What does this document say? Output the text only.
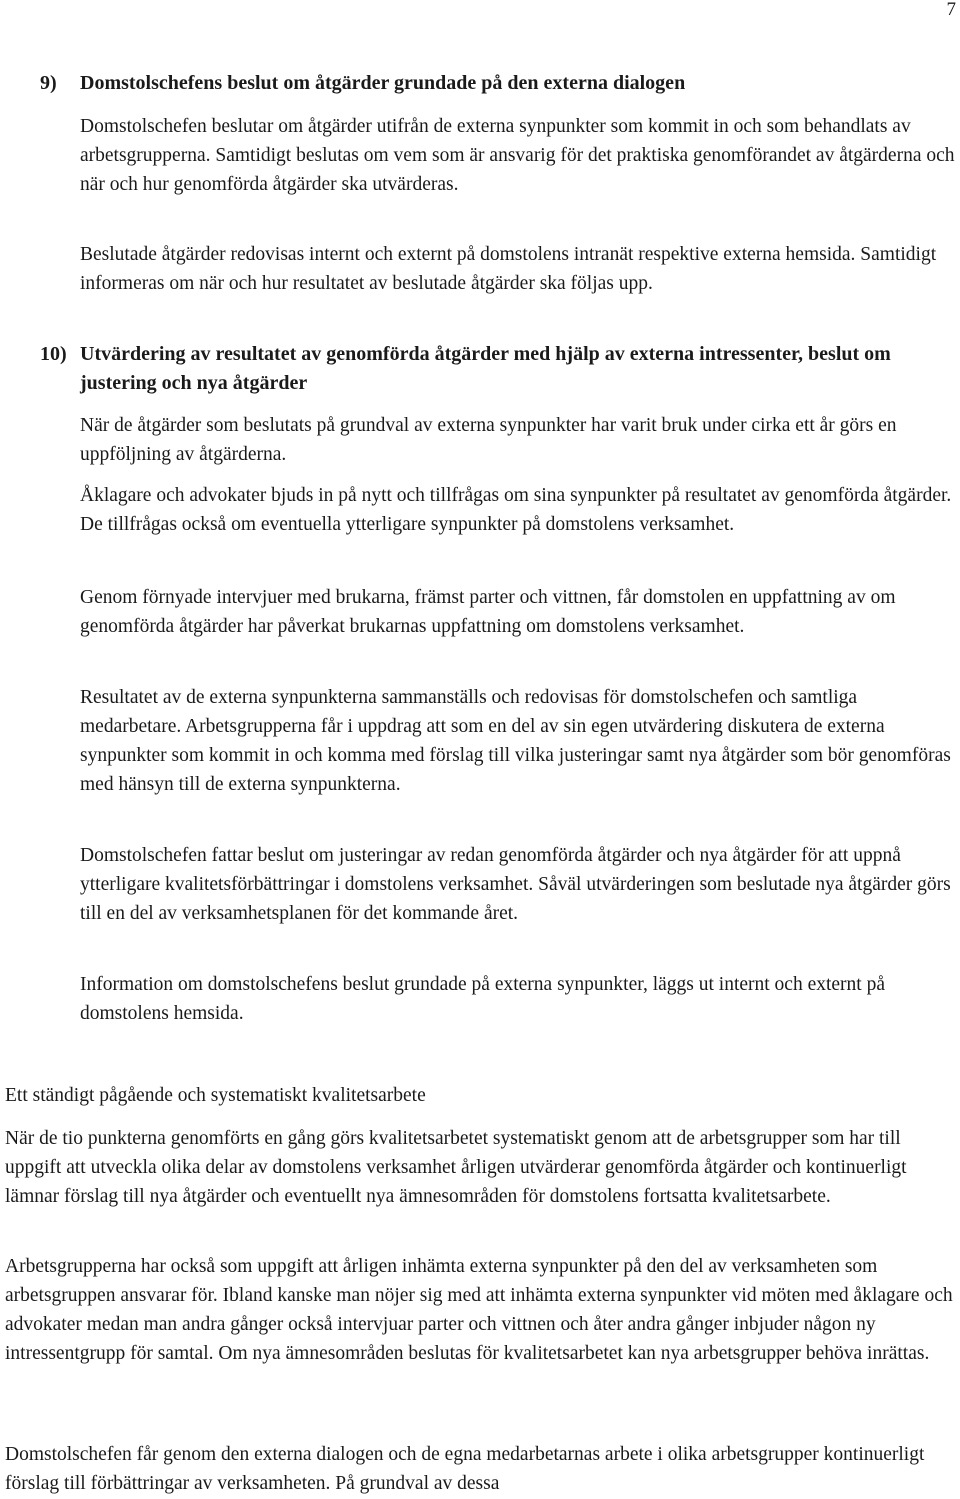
7
9) Domstolschefens beslut om åtgärder grundade på den externa dialogen

Domstolschefen beslutar om åtgärder utifrån de externa synpunkter som kommit in och som behandlats av arbetsgrupperna. Samtidigt beslutas om vem som är ansvarig för det praktiska genomförandet av åtgärderna och när och hur genomförda åtgärder ska utvärderas.

Beslutade åtgärder redovisas internt och externt på domstolens intranät respektive externa hemsida. Samtidigt informeras om när och hur resultatet av beslutade åtgärder ska följas upp.

10) Utvärdering av resultatet av genomförda åtgärder med hjälp av externa intressenter, beslut om justering och nya åtgärder

När de åtgärder som beslutats på grundval av externa synpunkter har varit bruk under cirka ett år görs en uppföljning av åtgärderna.

Åklagare och advokater bjuds in på nytt och tillfrågas om sina synpunkter på resultatet av genomförda åtgärder. De tillfrågas också om eventuella ytterligare synpunkter på domstolens verksamhet.

Genom förnyade intervjuer med brukarna, främst parter och vittnen, får domstolen en uppfattning av om genomförda åtgärder har påverkat brukarnas uppfattning om domstolens verksamhet.

Resultatet av de externa synpunkterna sammanställs och redovisas för domstolschefen och samtliga medarbetare. Arbetsgrupperna får i uppdrag att som en del av sin egen utvärdering diskutera de externa synpunkter som kommit in och komma med förslag till vilka justeringar samt nya åtgärder som bör genomföras med hänsyn till de externa synpunkterna.

Domstolschefen fattar beslut om justeringar av redan genomförda åtgärder och nya åtgärder för att uppnå ytterligare kvalitetsförbättringar i domstolens verksamhet. Såväl utvärderingen som beslutade nya åtgärder görs till en del av verksamhetsplanen för det kommande året.

Information om domstolschefens beslut grundade på externa synpunkter, läggs ut internt och externt på domstolens hemsida.

Ett ständigt pågående och systematiskt kvalitetsarbete

När de tio punkterna genomförts en gång görs kvalitetsarbetet systematiskt genom att de arbetsgrupper som har till uppgift att utveckla olika delar av domstolens verksamhet årligen utvärderar genomförda åtgärder och kontinuerligt lämnar förslag till nya åtgärder och eventuellt nya ämnesområden för domstolens fortsatta kvalitetsarbete.

Arbetsgrupperna har också som uppgift att årligen inhämta externa synpunkter på den del av verksamheten som arbetsgruppen ansvarar för. Ibland kanske man nöjer sig med att inhämta externa synpunkter vid möten med åklagare och advokater medan man andra gånger också intervjuar parter och vittnen och åter andra gånger inbjuder någon ny intressentgrupp för samtal. Om nya ämnesområden beslutas för kvalitetsarbetet kan nya arbetsgrupper behöva inrättas.

Domstolschefen får genom den externa dialogen och de egna medarbetarnas arbete i olika arbetsgrupper kontinuerligt förslag till förbättringar av verksamheten. På grundval av dessa
